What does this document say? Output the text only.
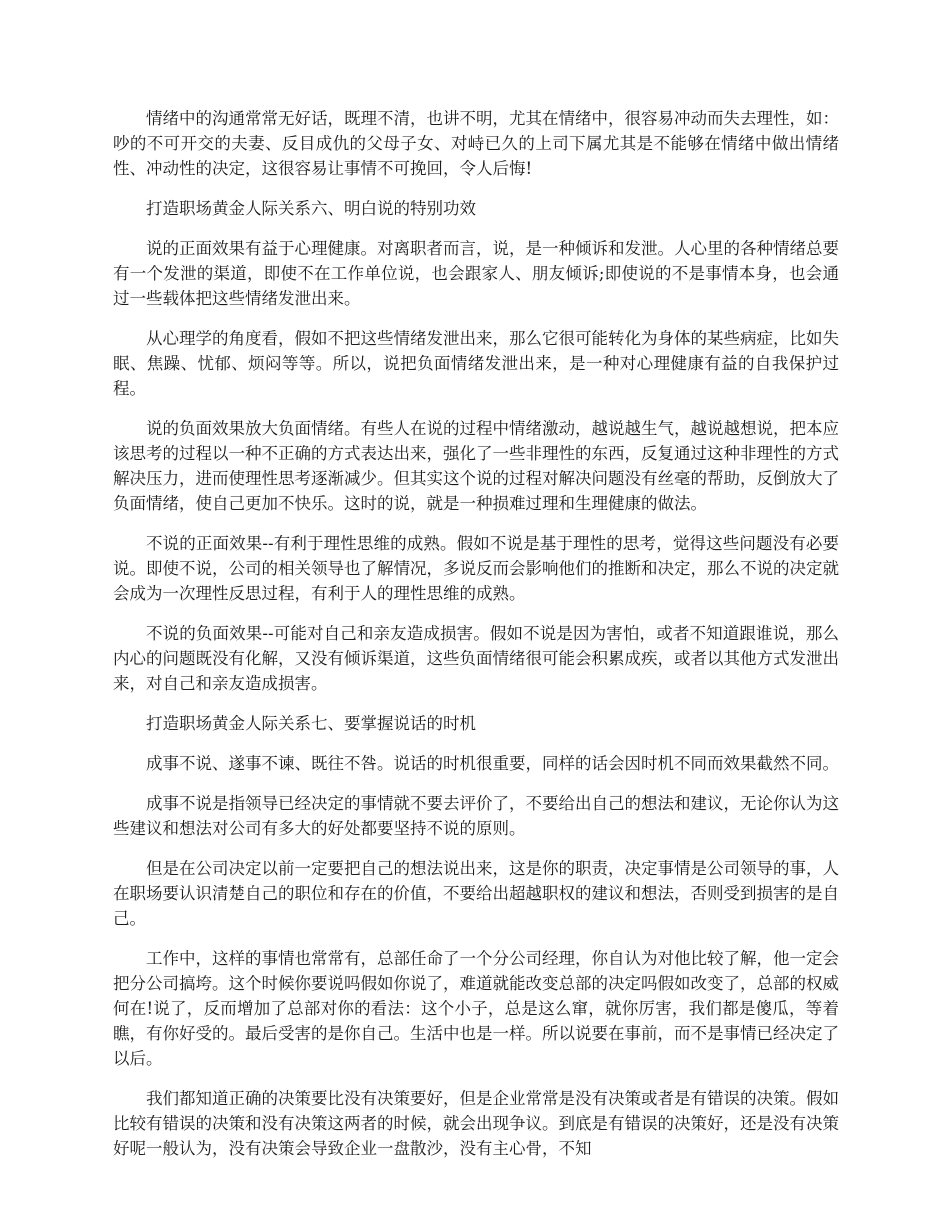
情绪中的沟通常常无好话，既理不清，也讲不明，尤其在情绪中，很容易冲动而失去理性，如：吵的不可开交的夫妻、反目成仇的父母子女、对峙已久的上司下属尤其是不能够在情绪中做出情绪性、冲动性的决定，这很容易让事情不可挽回，令人后悔!

打造职场黄金人际关系六、明白说的特别功效

说的正面效果有益于心理健康。对离职者而言，说，是一种倾诉和发泄。人心里的各种情绪总要有一个发泄的渠道，即使不在工作单位说，也会跟家人、朋友倾诉;即使说的不是事情本身，也会通过一些载体把这些情绪发泄出来。

从心理学的角度看，假如不把这些情绪发泄出来，那么它很可能转化为身体的某些病症，比如失眠、焦躁、忧郁、烦闷等等。所以，说把负面情绪发泄出来，是一种对心理健康有益的自我保护过程。

说的负面效果放大负面情绪。有些人在说的过程中情绪激动，越说越生气，越说越想说，把本应该思考的过程以一种不正确的方式表达出来，强化了一些非理性的东西，反复通过这种非理性的方式解决压力，进而使理性思考逐渐减少。但其实这个说的过程对解决问题没有丝毫的帮助，反倒放大了负面情绪，使自己更加不快乐。这时的说，就是一种损难过理和生理健康的做法。

不说的正面效果--有利于理性思维的成熟。假如不说是基于理性的思考，觉得这些问题没有必要说。即使不说，公司的相关领导也了解情况，多说反而会影响他们的推断和决定，那么不说的决定就会成为一次理性反思过程，有利于人的理性思维的成熟。

不说的负面效果--可能对自己和亲友造成损害。假如不说是因为害怕，或者不知道跟谁说，那么内心的问题既没有化解，又没有倾诉渠道，这些负面情绪很可能会积累成疾，或者以其他方式发泄出来，对自己和亲友造成损害。

打造职场黄金人际关系七、要掌握说话的时机

成事不说、遂事不谏、既往不咎。说话的时机很重要，同样的话会因时机不同而效果截然不同。

成事不说是指领导已经决定的事情就不要去评价了，不要给出自己的想法和建议，无论你认为这些建议和想法对公司有多大的好处都要坚持不说的原则。

但是在公司决定以前一定要把自己的想法说出来，这是你的职责，决定事情是公司领导的事，人在职场要认识清楚自己的职位和存在的价值，不要给出超越职权的建议和想法，否则受到损害的是自己。

工作中，这样的事情也常常有，总部任命了一个分公司经理，你自认为对他比较了解，他一定会把分公司搞垮。这个时候你要说吗假如你说了，难道就能改变总部的决定吗假如改变了，总部的权威何在!说了，反而增加了总部对你的看法：这个小子，总是这么窜，就你厉害，我们都是傻瓜，等着瞧，有你好受的。最后受害的是你自己。生活中也是一样。所以说要在事前，而不是事情已经决定了以后。

我们都知道正确的决策要比没有决策要好，但是企业常常是没有决策或者是有错误的决策。假如比较有错误的决策和没有决策这两者的时候，就会出现争议。到底是有错误的决策好，还是没有决策好呢一般认为，没有决策会导致企业一盘散沙，没有主心骨，不知
